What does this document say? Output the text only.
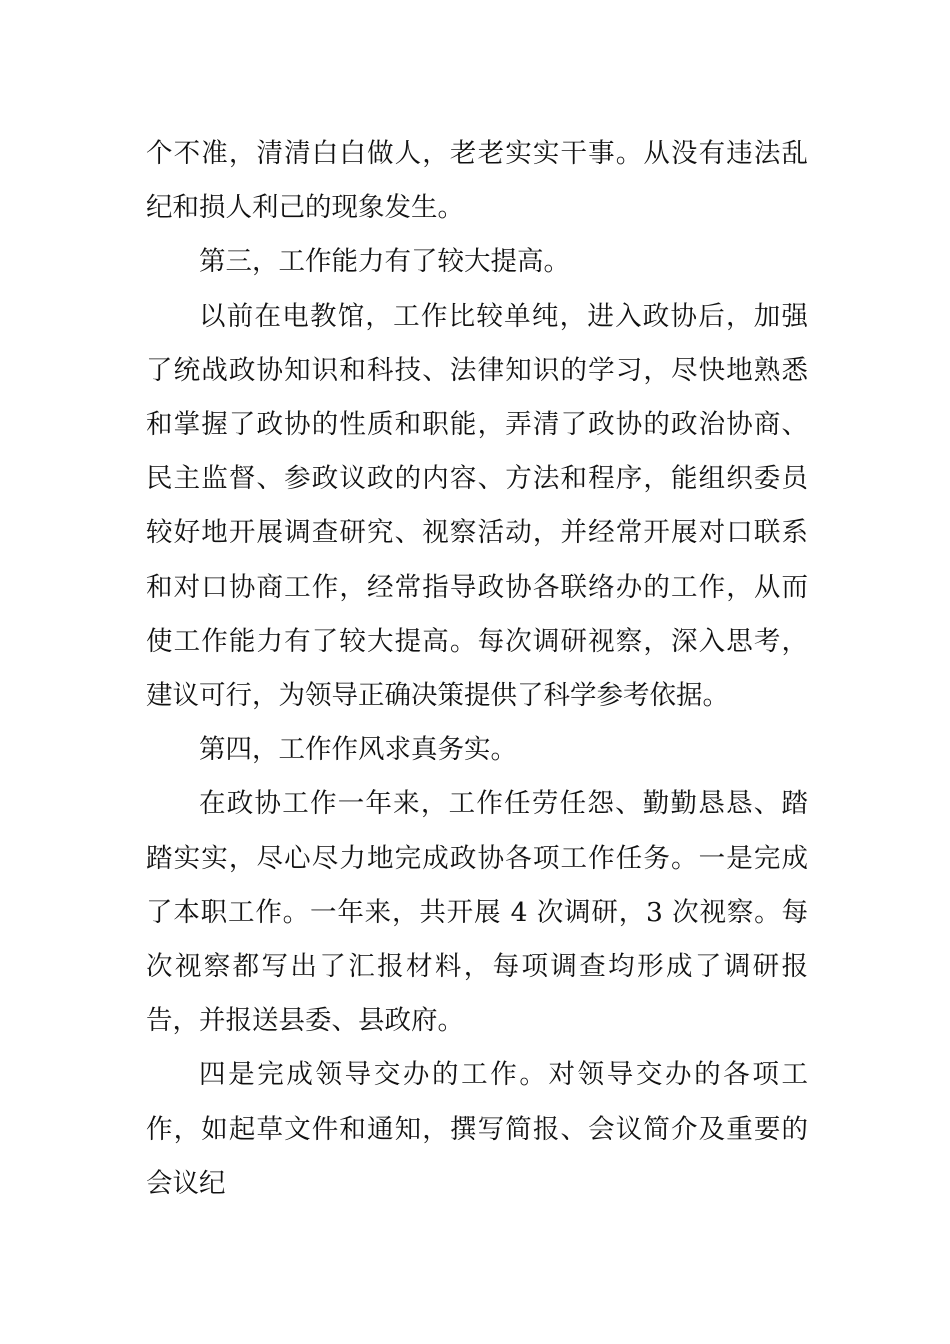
个不准，清清白白做人，老老实实干事。从没有违法乱纪和损人利己的现象发生。

第三，工作能力有了较大提高。

以前在电教馆，工作比较单纯，进入政协后，加强了统战政协知识和科技、法律知识的学习，尽快地熟悉和掌握了政协的性质和职能，弄清了政协的政治协商、民主监督、参政议政的内容、方法和程序，能组织委员较好地开展调查研究、视察活动，并经常开展对口联系和对口协商工作，经常指导政协各联络办的工作，从而使工作能力有了较大提高。每次调研视察，深入思考，建议可行，为领导正确决策提供了科学参考依据。

第四，工作作风求真务实。

在政协工作一年来，工作任劳任怨、勤勤恳恳、踏踏实实，尽心尽力地完成政协各项工作任务。一是完成了本职工作。一年来，共开展 4 次调研，3 次视察。每次视察都写出了汇报材料，每项调查均形成了调研报告，并报送县委、县政府。

四是完成领导交办的工作。对领导交办的各项工作，如起草文件和通知，撰写简报、会议简介及重要的会议纪
